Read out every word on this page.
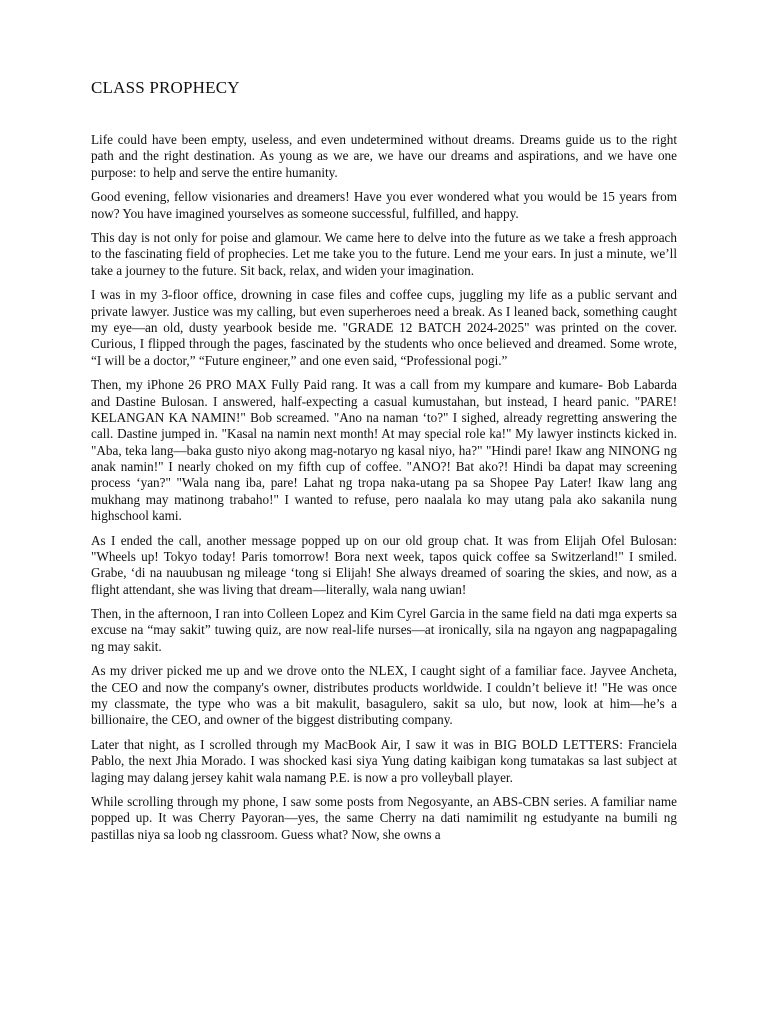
CLASS PROPHECY

Life could have been empty, useless, and even undetermined without dreams. Dreams guide us to the right path and the right destination. As young as we are, we have our dreams and aspirations, and we have one purpose: to help and serve the entire humanity.

Good evening, fellow visionaries and dreamers! Have you ever wondered what you would be 15 years from now? You have imagined yourselves as someone successful, fulfilled, and happy.

This day is not only for poise and glamour. We came here to delve into the future as we take a fresh approach to the fascinating field of prophecies. Let me take you to the future. Lend me your ears. In just a minute, we’ll take a journey to the future. Sit back, relax, and widen your imagination.

I was in my 3-floor office, drowning in case files and coffee cups, juggling my life as a public servant and private lawyer. Justice was my calling, but even superheroes need a break. As I leaned back, something caught my eye—an old, dusty yearbook beside me. "GRADE 12 BATCH 2024-2025" was printed on the cover. Curious, I flipped through the pages, fascinated by the students who once believed and dreamed. Some wrote, “I will be a doctor,” “Future engineer,” and one even said, “Professional pogi.”

Then, my iPhone 26 PRO MAX Fully Paid rang. It was a call from my kumpare and kumare- Bob Labarda and Dastine Bulosan. I answered, half-expecting a casual kumustahan, but instead, I heard panic. "PARE! KELANGAN KA NAMIN!" Bob screamed. "Ano na naman ‘to?" I sighed, already regretting answering the call. Dastine jumped in. "Kasal na namin next month! At may special role ka!" My lawyer instincts kicked in. "Aba, teka lang—baka gusto niyo akong mag-notaryo ng kasal niyo, ha?" "Hindi pare! Ikaw ang NINONG ng anak namin!" I nearly choked on my fifth cup of coffee. "ANO?! Bat ako?! Hindi ba dapat may screening process ‘yan?" "Wala nang iba, pare! Lahat ng tropa naka-utang pa sa Shopee Pay Later! Ikaw lang ang mukhang may matinong trabaho!" I wanted to refuse, pero naalala ko may utang pala ako sakanila nung highschool kami.

As I ended the call, another message popped up on our old group chat. It was from Elijah Ofel Bulosan: "Wheels up! Tokyo today! Paris tomorrow! Bora next week, tapos quick coffee sa Switzerland!" I smiled. Grabe, ‘di na nauubusan ng mileage ‘tong si Elijah! She always dreamed of soaring the skies, and now, as a flight attendant, she was living that dream—literally, wala nang uwian!

Then, in the afternoon, I ran into Colleen Lopez and Kim Cyrel Garcia in the same field na dati mga experts sa excuse na “may sakit” tuwing quiz, are now real-life nurses—at ironically, sila na ngayon ang nagpapagaling ng may sakit.

As my driver picked me up and we drove onto the NLEX, I caught sight of a familiar face. Jayvee Ancheta, the CEO and now the company's owner, distributes products worldwide. I couldn’t believe it! "He was once my classmate, the type who was a bit makulit, basagulero, sakit sa ulo, but now, look at him—he’s a billionaire, the CEO, and owner of the biggest distributing company.

Later that night, as I scrolled through my MacBook Air, I saw it was in BIG BOLD LETTERS: Franciela Pablo, the next Jhia Morado. I was shocked kasi siya Yung dating kaibigan kong tumatakas sa last subject at laging may dalang jersey kahit wala namang P.E. is now a pro volleyball player.

While scrolling through my phone, I saw some posts from Negosyante, an ABS-CBN series. A familiar name popped up. It was Cherry Payoran—yes, the same Cherry na dati namimilit ng estudyante na bumili ng pastillas niya sa loob ng classroom. Guess what? Now, she owns a
